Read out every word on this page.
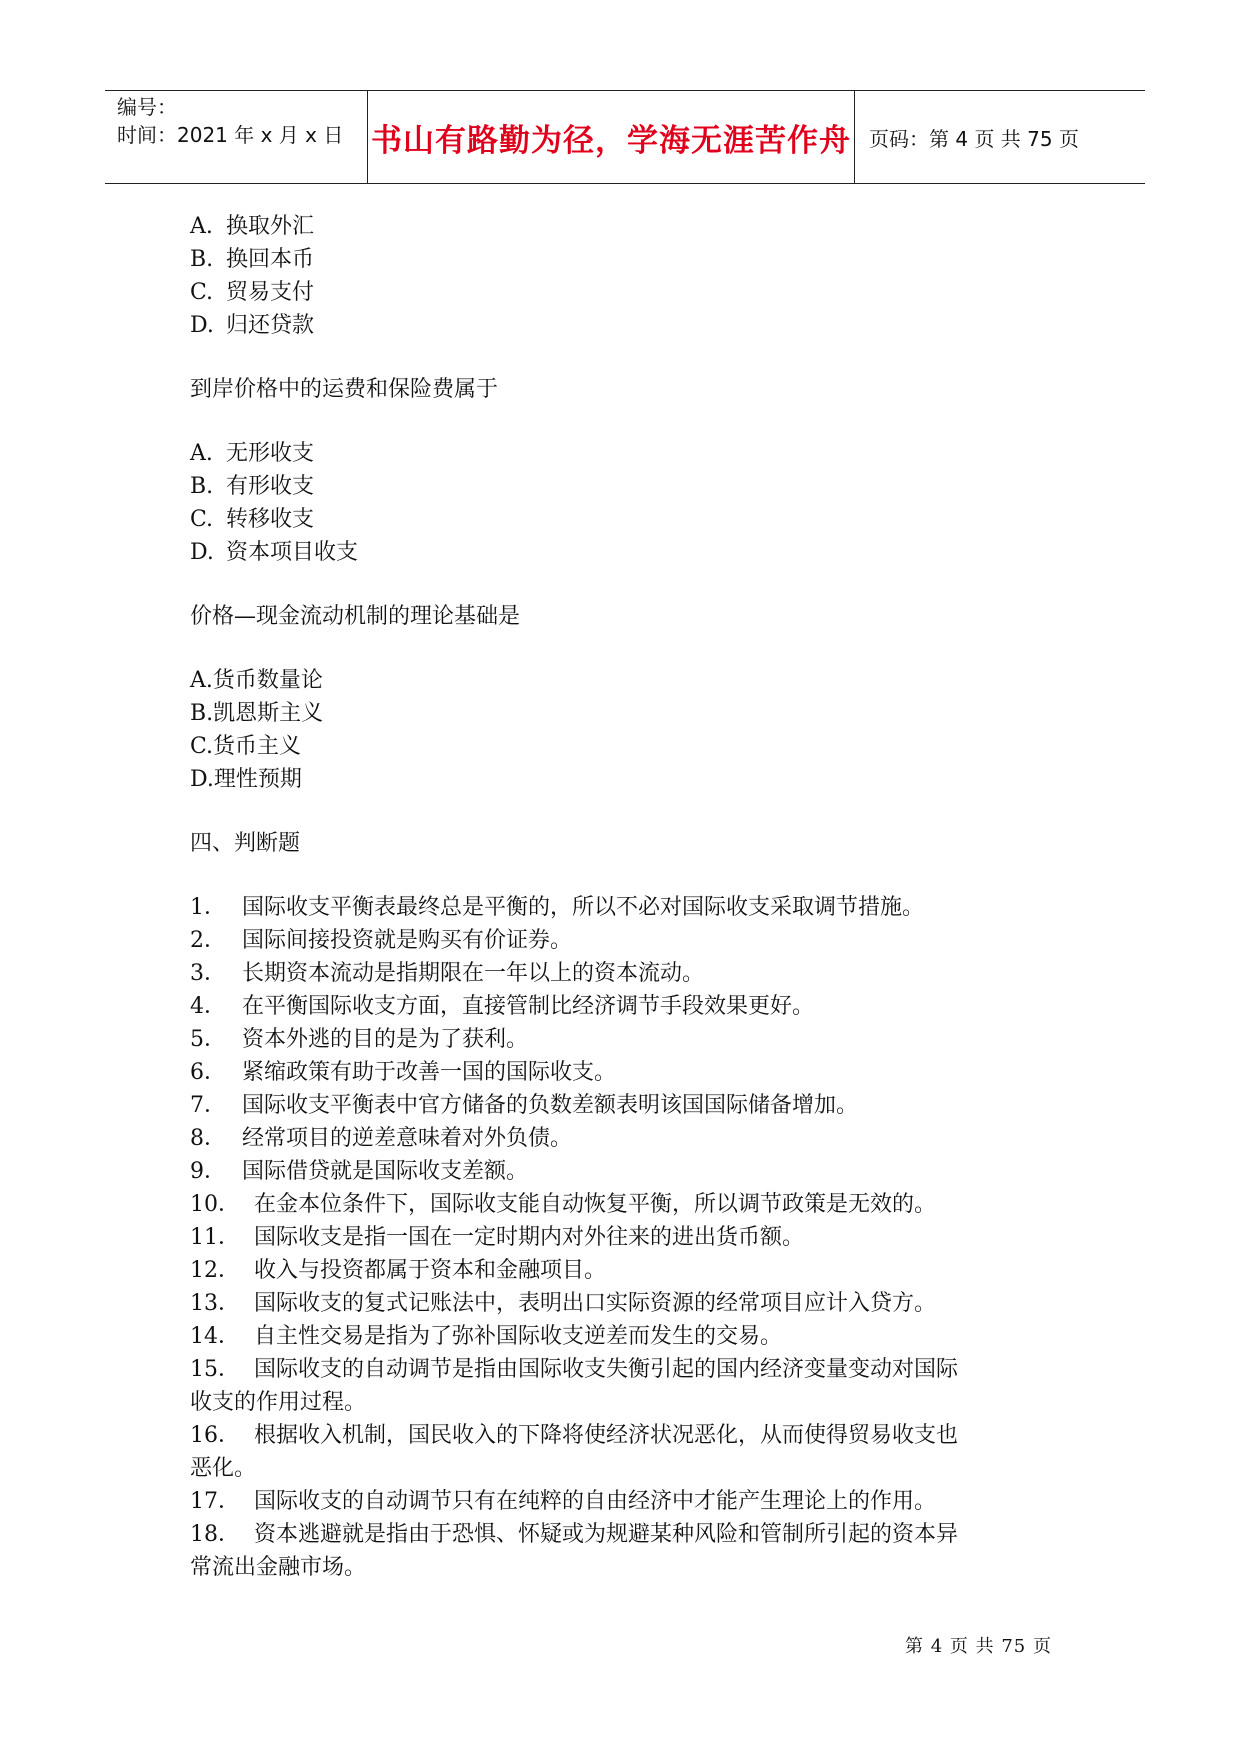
编号：
时间：2021 年 x 月 x 日 书山有路勤为径，学海无涯苦作舟 页码：第 4 页 共 75 页
A. 换取外汇
B. 换回本币
C. 贸易支付
D. 归还贷款
到岸价格中的运费和保险费属于
A. 无形收支
B. 有形收支
C. 转移收支
D. 资本项目收支
价格—现金流动机制的理论基础是
A.货币数量论
B.凯恩斯主义
C.货币主义
D.理性预期
四、判断题
1． 国际收支平衡表最终总是平衡的，所以不必对国际收支采取调节措施。
2． 国际间接投资就是购买有价证券。
3． 长期资本流动是指期限在一年以上的资本流动。
4． 在平衡国际收支方面，直接管制比经济调节手段效果更好。
5． 资本外逃的目的是为了获利。
6． 紧缩政策有助于改善一国的国际收支。
7． 国际收支平衡表中官方储备的负数差额表明该国国际储备增加。
8． 经常项目的逆差意味着对外负债。
9． 国际借贷就是国际收支差额。
10． 在金本位条件下，国际收支能自动恢复平衡，所以调节政策是无效的。
11． 国际收支是指一国在一定时期内对外往来的进出货币额。
12． 收入与投资都属于资本和金融项目。
13． 国际收支的复式记账法中，表明出口实际资源的经常项目应计入贷方。
14． 自主性交易是指为了弥补国际收支逆差而发生的交易。
15． 国际收支的自动调节是指由国际收支失衡引起的国内经济变量变动对国际
收支的作用过程。
16． 根据收入机制，国民收入的下降将使经济状况恶化，从而使得贸易收支也
恶化。
17． 国际收支的自动调节只有在纯粹的自由经济中才能产生理论上的作用。
18． 资本逃避就是指由于恐惧、怀疑或为规避某种风险和管制所引起的资本异
常流出金融市场。
第 4 页 共 75 页
